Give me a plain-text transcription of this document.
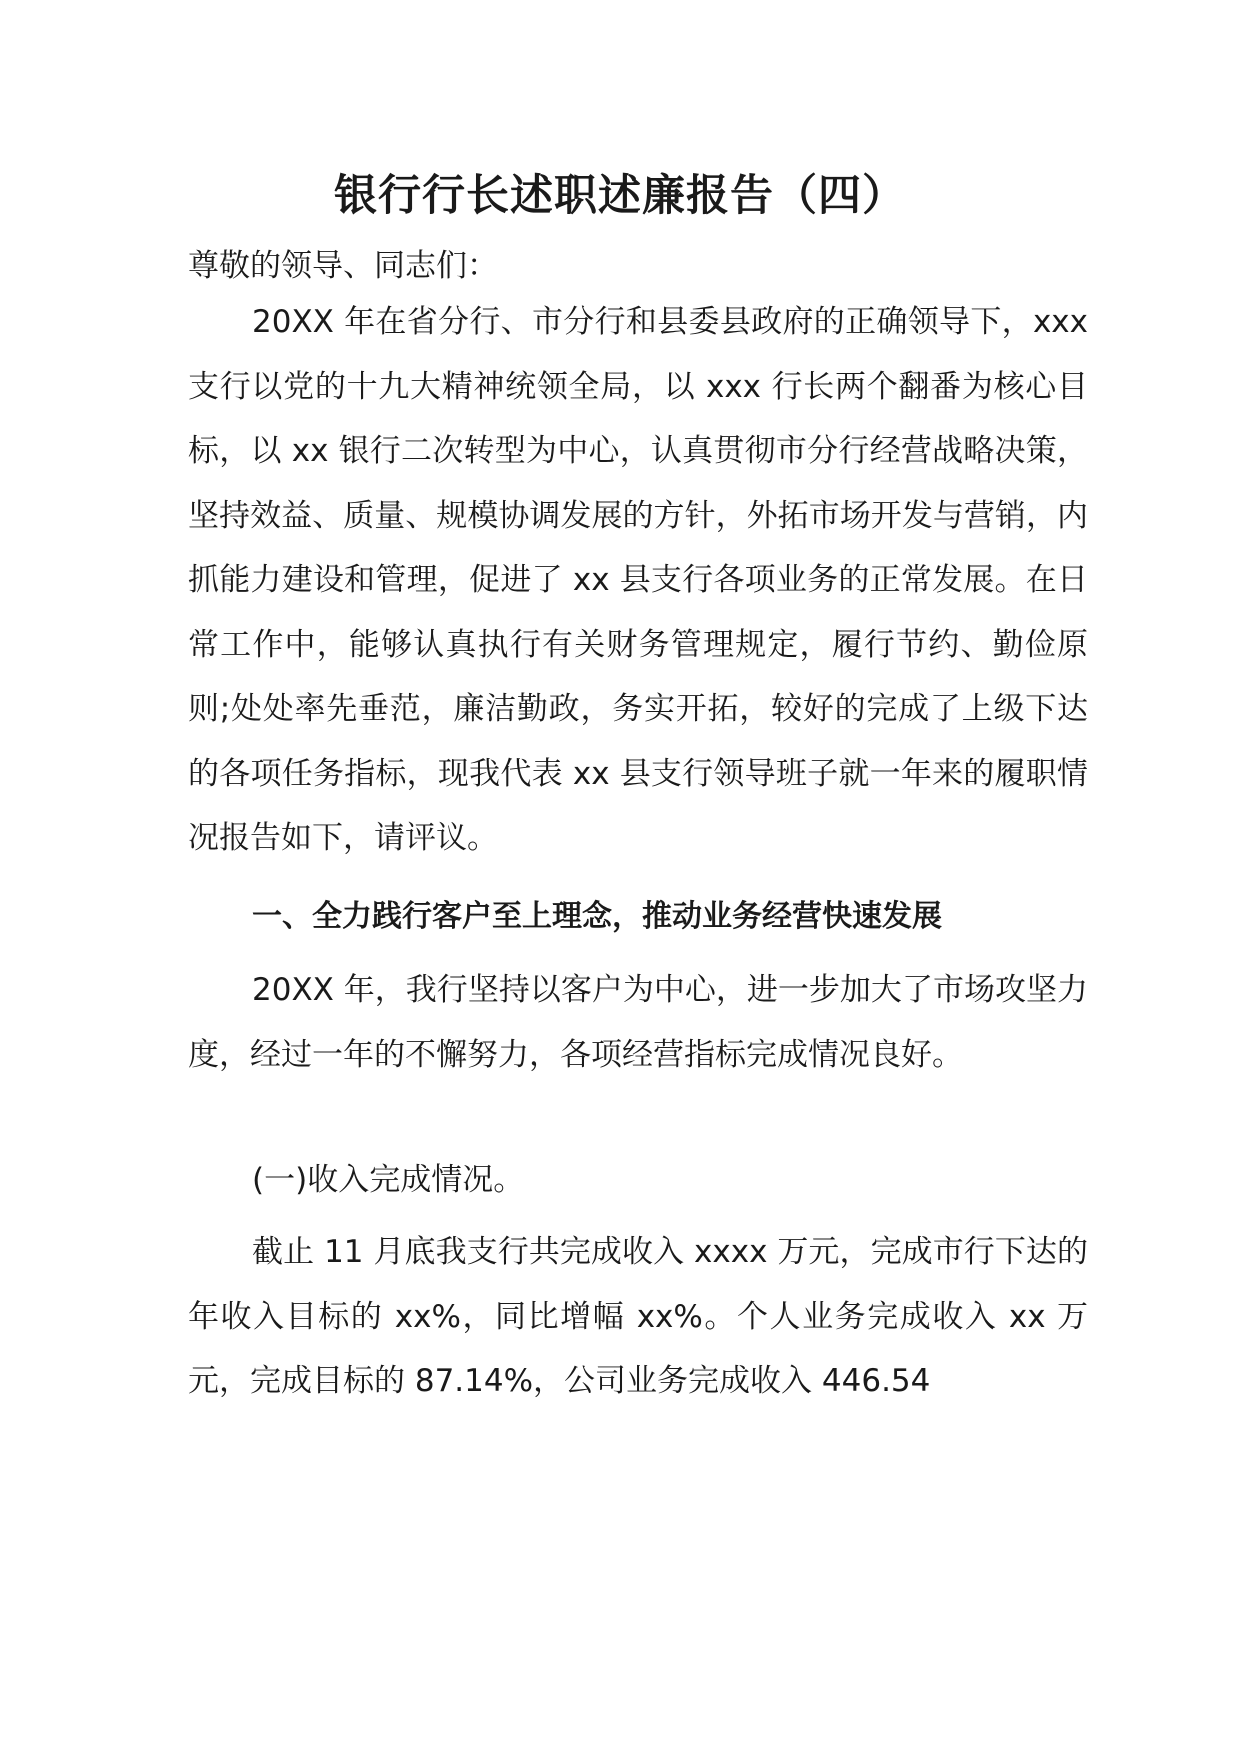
银行行长述职述廉报告（四）

尊敬的领导、同志们：

20XX 年在省分行、市分行和县委县政府的正确领导下，xxx 支行以党的十九大精神统领全局，以 xxx 行长两个翻番为核心目标，以 xx 银行二次转型为中心，认真贯彻市分行经营战略决策，坚持效益、质量、规模协调发展的方针，外拓市场开发与营销，内抓能力建设和管理，促进了 xx 县支行各项业务的正常发展。在日常工作中，能够认真执行有关财务管理规定，履行节约、勤俭原则;处处率先垂范，廉洁勤政，务实开拓，较好的完成了上级下达的各项任务指标，现我代表 xx 县支行领导班子就一年来的履职情况报告如下，请评议。

一、全力践行客户至上理念，推动业务经营快速发展

20XX 年，我行坚持以客户为中心，进一步加大了市场攻坚力度，经过一年的不懈努力，各项经营指标完成情况良好。

(一)收入完成情况。

截止 11 月底我支行共完成收入 xxxx 万元，完成市行下达的年收入目标的 xx%，同比增幅 xx%。个人业务完成收入 xx 万元，完成目标的 87.14%，公司业务完成收入 446.54
